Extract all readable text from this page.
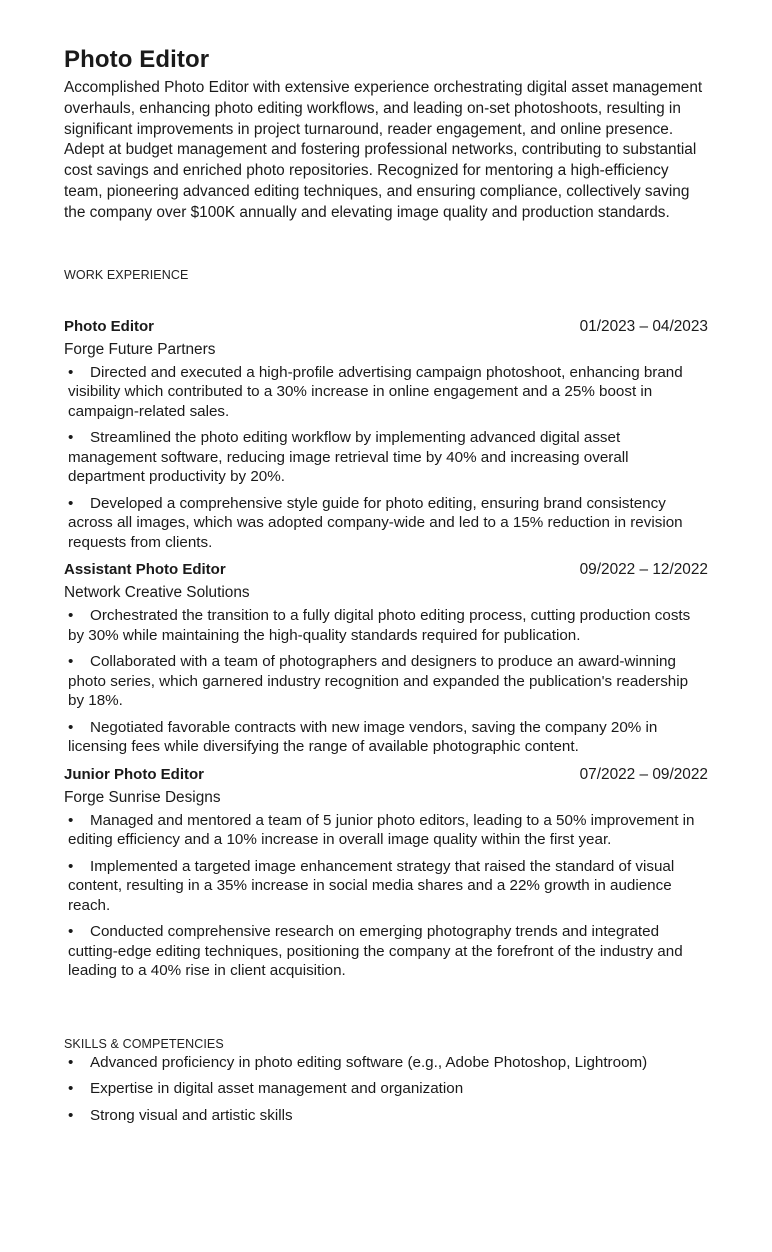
Photo Editor

Accomplished Photo Editor with extensive experience orchestrating digital asset management overhauls, enhancing photo editing workflows, and leading on-set photoshoots, resulting in significant improvements in project turnaround, reader engagement, and online presence. Adept at budget management and fostering professional networks, contributing to substantial cost savings and enriched photo repositories. Recognized for mentoring a high-efficiency team, pioneering advanced editing techniques, and ensuring compliance, collectively saving the company over $100K annually and elevating image quality and production standards.

WORK EXPERIENCE
Photo Editor	01/2023 – 04/2023
Forge Future Partners
• Directed and executed a high-profile advertising campaign photoshoot, enhancing brand visibility which contributed to a 30% increase in online engagement and a 25% boost in campaign-related sales.
• Streamlined the photo editing workflow by implementing advanced digital asset management software, reducing image retrieval time by 40% and increasing overall department productivity by 20%.
• Developed a comprehensive style guide for photo editing, ensuring brand consistency across all images, which was adopted company-wide and led to a 15% reduction in revision requests from clients.
Assistant Photo Editor	09/2022 – 12/2022
Network Creative Solutions
• Orchestrated the transition to a fully digital photo editing process, cutting production costs by 30% while maintaining the high-quality standards required for publication.
• Collaborated with a team of photographers and designers to produce an award-winning photo series, which garnered industry recognition and expanded the publication's readership by 18%.
• Negotiated favorable contracts with new image vendors, saving the company 20% in licensing fees while diversifying the range of available photographic content.
Junior Photo Editor	07/2022 – 09/2022
Forge Sunrise Designs
• Managed and mentored a team of 5 junior photo editors, leading to a 50% improvement in editing efficiency and a 10% increase in overall image quality within the first year.
• Implemented a targeted image enhancement strategy that raised the standard of visual content, resulting in a 35% increase in social media shares and a 22% growth in audience reach.
• Conducted comprehensive research on emerging photography trends and integrated cutting-edge editing techniques, positioning the company at the forefront of the industry and leading to a 40% rise in client acquisition.
SKILLS & COMPETENCIES
• Advanced proficiency in photo editing software (e.g., Adobe Photoshop, Lightroom)
• Expertise in digital asset management and organization
• Strong visual and artistic skills
